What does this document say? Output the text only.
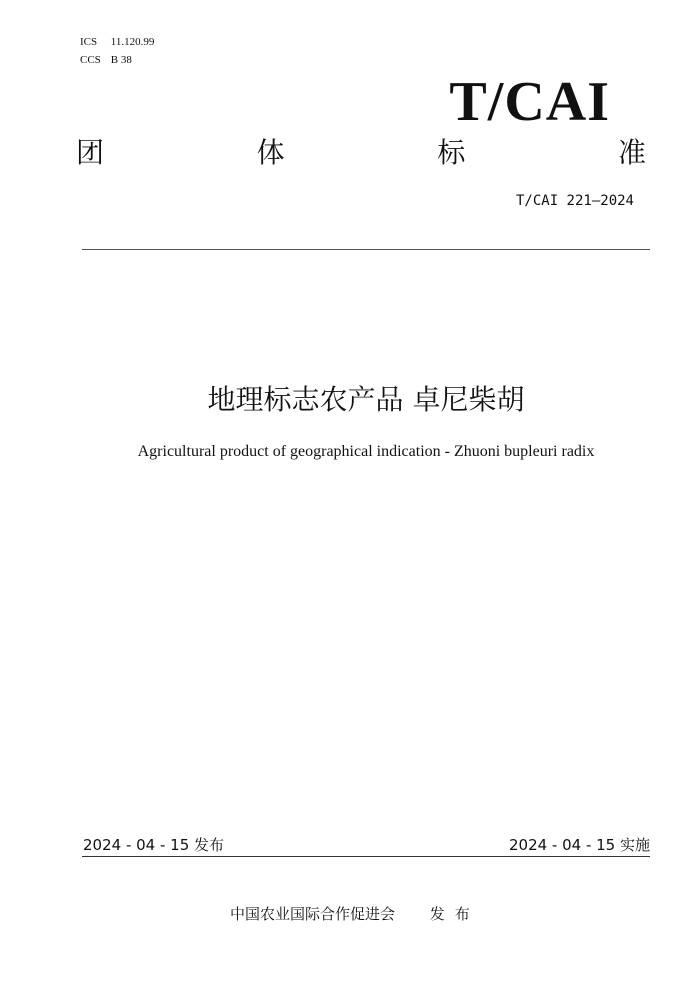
ICS 11.120.99
CCS B 38
T/CAI
团	体	标	准
T/CAI 221—2024
地理标志农产品 卓尼柴胡
Agricultural product of geographical indication - Zhuoni bupleuri radix
2024 - 04 - 15 发布	2024 - 04 - 15 实施
中国农业国际合作促进会 发布
